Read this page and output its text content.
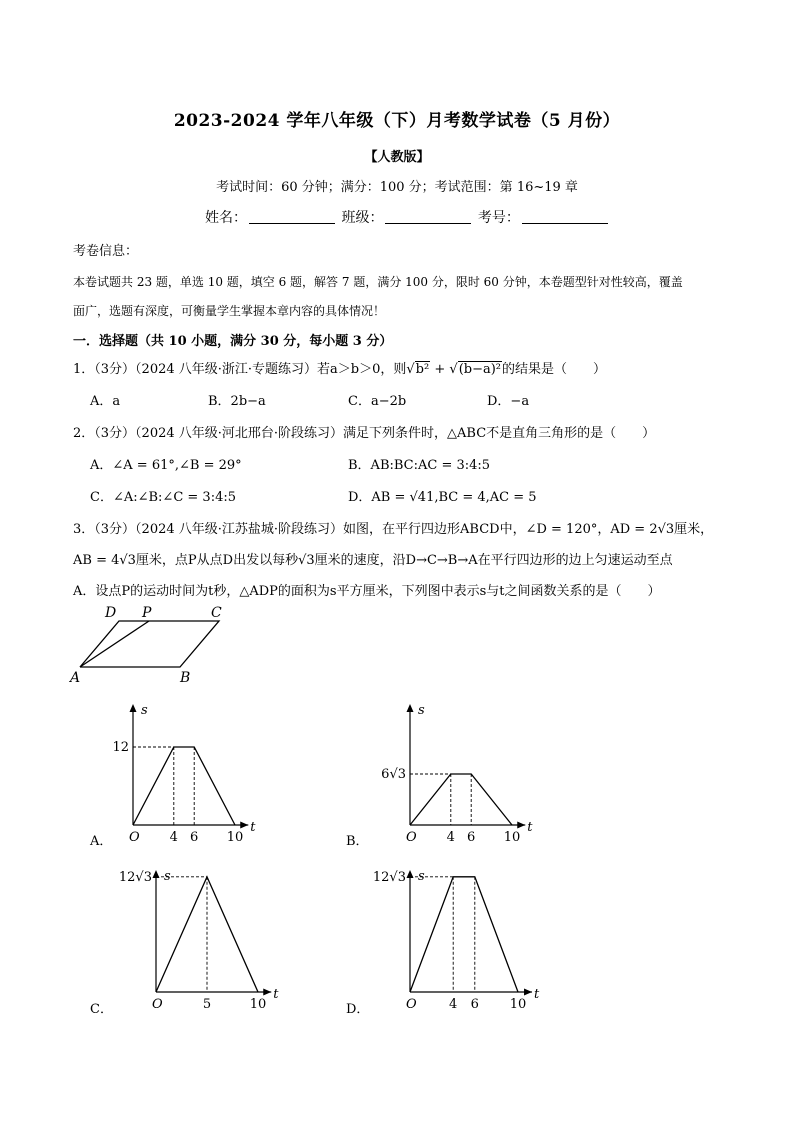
2023-2024 学年八年级（下）月考数学试卷（5 月份）
【人教版】
考试时间：60 分钟；满分：100 分；考试范围：第 16~19 章
姓名：	班级：	考号：
考卷信息：
本卷试题共 23 题，单选 10 题，填空 6 题，解答 7 题，满分 100 分，限时 60 分钟，本卷题型针对性较高，覆盖
面广，选题有深度，可衡量学生掌握本章内容的具体情况！
一．选择题（共 10 小题，满分 30 分，每小题 3 分）
1．（3分）（2024 八年级·浙江·专题练习）若a＞b＞0，则√b² + √(b−a)²的结果是（　　）
A．a	B．2b−a	C．a−2b	D．−a
2．（3分）（2024 八年级·河北邢台·阶段练习）满足下列条件时，△ABC不是直角三角形的是（　　）
A．∠A = 61°,∠B = 29°	B．AB:BC:AC = 3:4:5
C．∠A:∠B:∠C = 3:4:5	D．AB = √41,BC = 4,AC = 5
3．（3分）（2024 八年级·江苏盐城·阶段练习）如图，在平行四边形ABCD中，∠D = 120°，AD = 2√3厘米，
AB = 4√3厘米，点P从点D出发以每秒√3厘米的速度，沿D→C→B→A在平行四边形的边上匀速运动至点
A．设点P的运动时间为t秒，△ADP的面积为s平方厘米，下列图中表示s与t之间函数关系的是（　　）
D P	C
A	B
s
t
O
12
4 6 10
A．
s
t
O
6√3
4 6 10
B．
s
t
O
12√3
5	10
C．
s
t
O
12√3
4 6 10
D．
